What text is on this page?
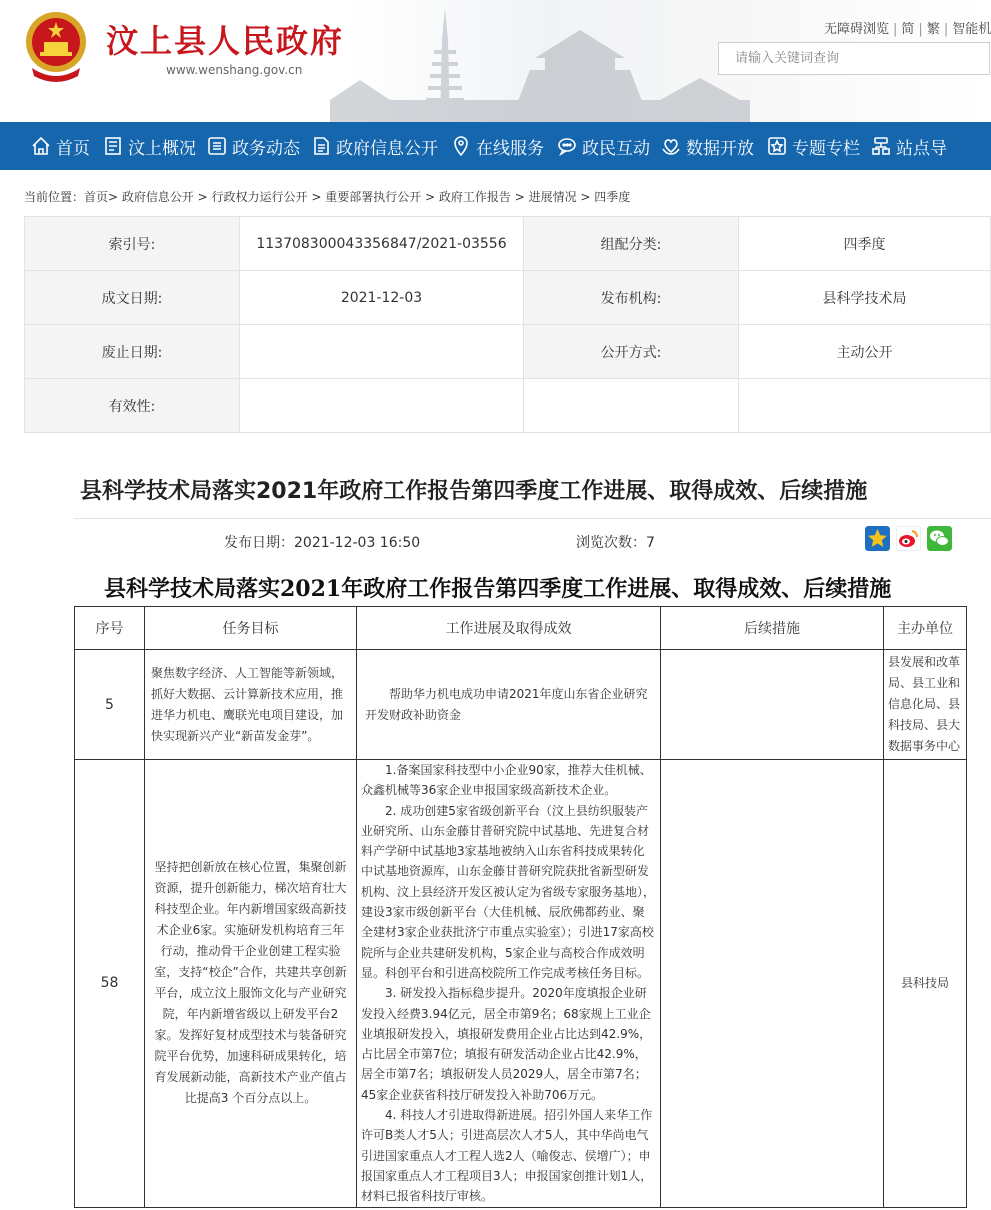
汶上县人民政府
www.wenshang.gov.cn
无障碍浏览 | 简 | 繁 | 智能机
请输入关键词查询
首页 汶上概况 政务动态 政府信息公开 在线服务 政民互动 数据开放 专题专栏 站点导
当前位置：首页> 政府信息公开 > 行政权力运行公开 > 重要部署执行公开 > 政府工作报告 > 进展情况 > 四季度
索引号:	113708300043356847/2021-03556	组配分类:	四季度
成文日期:	2021-12-03	发布机构:	县科学技术局
废止日期:		公开方式:	主动公开
有效性:			
县科学技术局落实2021年政府工作报告第四季度工作进展、取得成效、后续措施
发布日期：2021-12-03 16:50	浏览次数：7
县科学技术局落实2021年政府工作报告第四季度工作进展、取得成效、后续措施
序号	任务目标	工作进展及取得成效	后续措施	主办单位
5	聚焦数字经济、人工智能等新领域，抓好大数据、云计算新技术应用，推进华力机电、鹰联光电项目建设，加快实现新兴产业“新苗发金芽”。	帮助华力机电成功申请2021年度山东省企业研究开发财政补助资金		县发展和改革局、县工业和信息化局、县科技局、县大数据事务中心
58	坚持把创新放在核心位置，集聚创新资源，提升创新能力，梯次培育壮大科技型企业。年内新增国家级高新技术企业6家。实施研发机构培育三年行动，推动骨干企业创建工程实验室，支持“校企”合作，共建共享创新平台，成立汶上服饰文化与产业研究院，年内新增省级以上研发平台2家。发挥好复材成型技术与装备研究院平台优势，加速科研成果转化，培育发展新动能，高新技术产业产值占比提高3 个百分点以上。	1.备案国家科技型中小企业90家，推荐大佳机械、众鑫机械等36家企业申报国家级高新技术企业。
2. 成功创建5家省级创新平台（汶上县纺织服装产业研究所、山东金藤甘普研究院中试基地、先进复合材料产学研中试基地3家基地被纳入山东省科技成果转化中试基地资源库，山东金藤甘普研究院获批省新型研发机构、汶上县经济开发区被认定为省级专家服务基地），建设3家市级创新平台（大佳机械、辰欣佛都药业、聚全建材3家企业获批济宁市重点实验室）；引进17家高校院所与企业共建研发机构，5家企业与高校合作成效明显。科创平台和引进高校院所工作完成考核任务目标。
3. 研发投入指标稳步提升。2020年度填报企业研发投入经费3.94亿元，居全市第9名；68家规上工业企业填报研发投入，填报研发费用企业占比达到42.9%，占比居全市第7位；填报有研发活动企业占比42.9%，居全市第7名；填报研发人员2029人，居全市第7名；45家企业获省科技厅研发投入补助706万元。
4. 科技人才引进取得新进展。招引外国人来华工作许可B类人才5人；引进高层次人才5人，其中华尚电气引进国家重点人才工程人选2人（喻俊志、侯增广）；申报国家重点人才工程项目3人；申报国家创推计划1人，材料已报省科技厅审核。		县科技局
